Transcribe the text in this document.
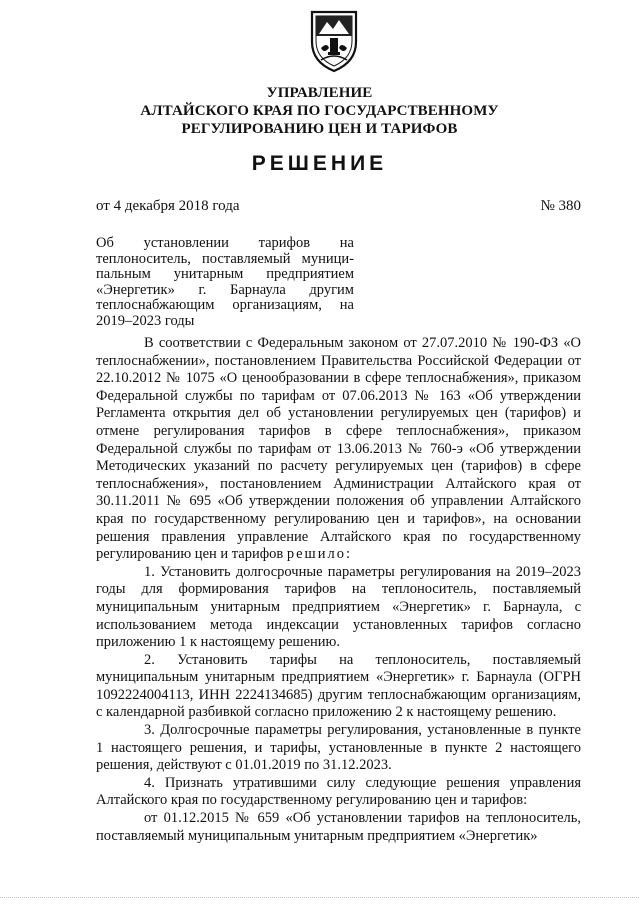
УПРАВЛЕНИЕ
АЛТАЙСКОГО КРАЯ ПО ГОСУДАРСТВЕННОМУ
РЕГУЛИРОВАНИЮ ЦЕН И ТАРИФОВ
РЕШЕНИЕ
от 4 декабря 2018 года	№ 380
Об установлении тарифов на теплоноситель, поставляемый муниципальным унитарным предприятием «Энергетик» г. Барнаула другим теплоснабжающим организациям, на 2019–2023 годы

В соответствии с Федеральным законом от 27.07.2010 № 190-ФЗ «О теплоснабжении», постановлением Правительства Российской Федерации от 22.10.2012 № 1075 «О ценообразовании в сфере теплоснабжения», приказом Федеральной службы по тарифам от 07.06.2013 № 163 «Об утверждении Регламента открытия дел об установлении регулируемых цен (тарифов) и отмене регулирования тарифов в сфере теплоснабжения», приказом Федеральной службы по тарифам от 13.06.2013 № 760-э «Об утверждении Методических указаний по расчету регулируемых цен (тарифов) в сфере теплоснабжения», постановлением Администрации Алтайского края от 30.11.2011 № 695 «Об утверждении положения об управлении Алтайского края по государственному регулированию цен и тарифов», на основании решения правления управление Алтайского края по государственному регулированию цен и тарифов решило:

1. Установить долгосрочные параметры регулирования на 2019–2023 годы для формирования тарифов на теплоноситель, поставляемый муниципальным унитарным предприятием «Энергетик» г. Барнаула, с использованием метода индексации установленных тарифов согласно приложению 1 к настоящему решению.

2. Установить тарифы на теплоноситель, поставляемый муниципальным унитарным предприятием «Энергетик» г. Барнаула (ОГРН 1092224004113, ИНН 2224134685) другим теплоснабжающим организациям, с календарной разбивкой согласно приложению 2 к настоящему решению.

3. Долгосрочные параметры регулирования, установленные в пункте 1 настоящего решения, и тарифы, установленные в пункте 2 настоящего решения, действуют с 01.01.2019 по 31.12.2023.

4. Признать утратившими силу следующие решения управления Алтайского края по государственному регулированию цен и тарифов:

от 01.12.2015 № 659 «Об установлении тарифов на теплоноситель, поставляемый муниципальным унитарным предприятием «Энергетик»
